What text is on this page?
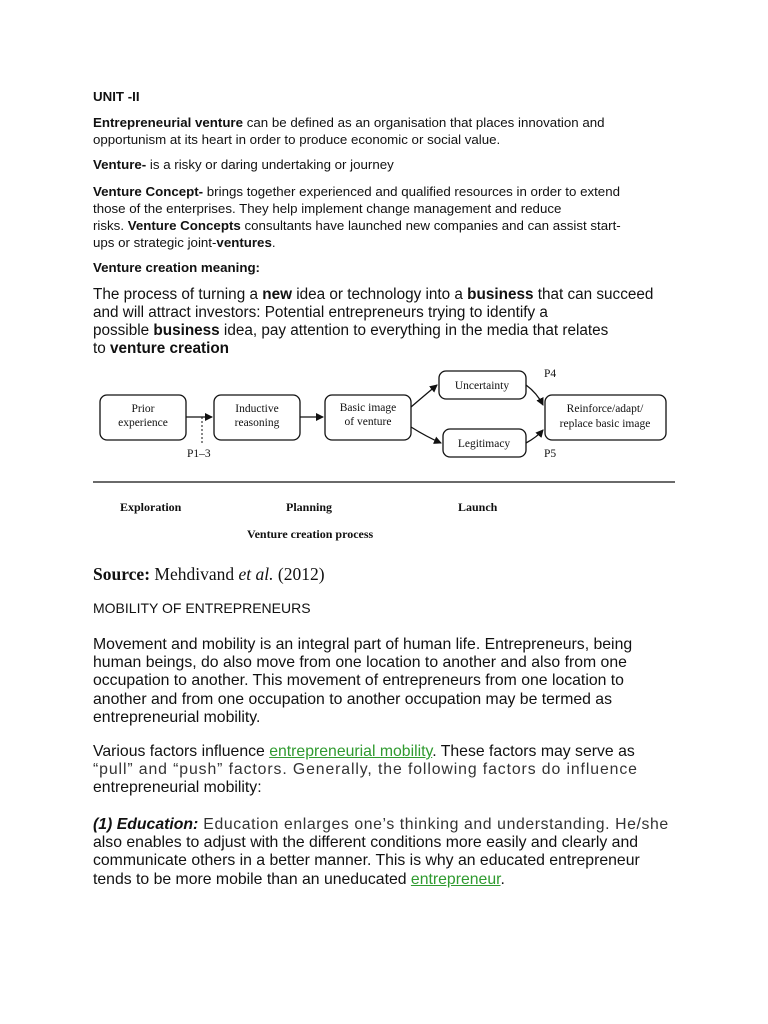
UNIT -II
Entrepreneurial venture can be defined as an organisation that places innovation and
opportunism at its heart in order to produce economic or social value.
Venture- is a risky or daring undertaking or journey
Venture Concept- brings together experienced and qualified resources in order to extend
those of the enterprises. They help implement change management and reduce
risks. Venture Concepts consultants have launched new companies and can assist start-
ups or strategic joint-ventures.
Venture creation meaning:
The process of turning a new idea or technology into a business that can succeed
and will attract investors: Potential entrepreneurs trying to identify a
possible business idea, pay attention to everything in the media that relates
to venture creation
Prior
experience
Inductive
reasoning
Basic image
of venture
Uncertainty
Legitimacy
Reinforce/adapt/
replace basic image
P1–3
P4
P5
Exploration	Planning	Launch
Venture creation process
Source: Mehdivand et al. (2012)
MOBILITY OF ENTREPRENEURS
Movement and mobility is an integral part of human life. Entrepreneurs, being
human beings, do also move from one location to another and also from one
occupation to another. This movement of entrepreneurs from one location to
another and from one occupation to another occupation may be termed as
entrepreneurial mobility.
Various factors influence entrepreneurial mobility. These factors may serve as
“pull” and “push” factors. Generally, the following factors do influence
entrepreneurial mobility:
(1) Education: Education enlarges one’s thinking and understanding. He/she
also enables to adjust with the different conditions more easily and clearly and
communicate others in a better manner. This is why an educated entrepreneur
tends to be more mobile than an uneducated entrepreneur.
